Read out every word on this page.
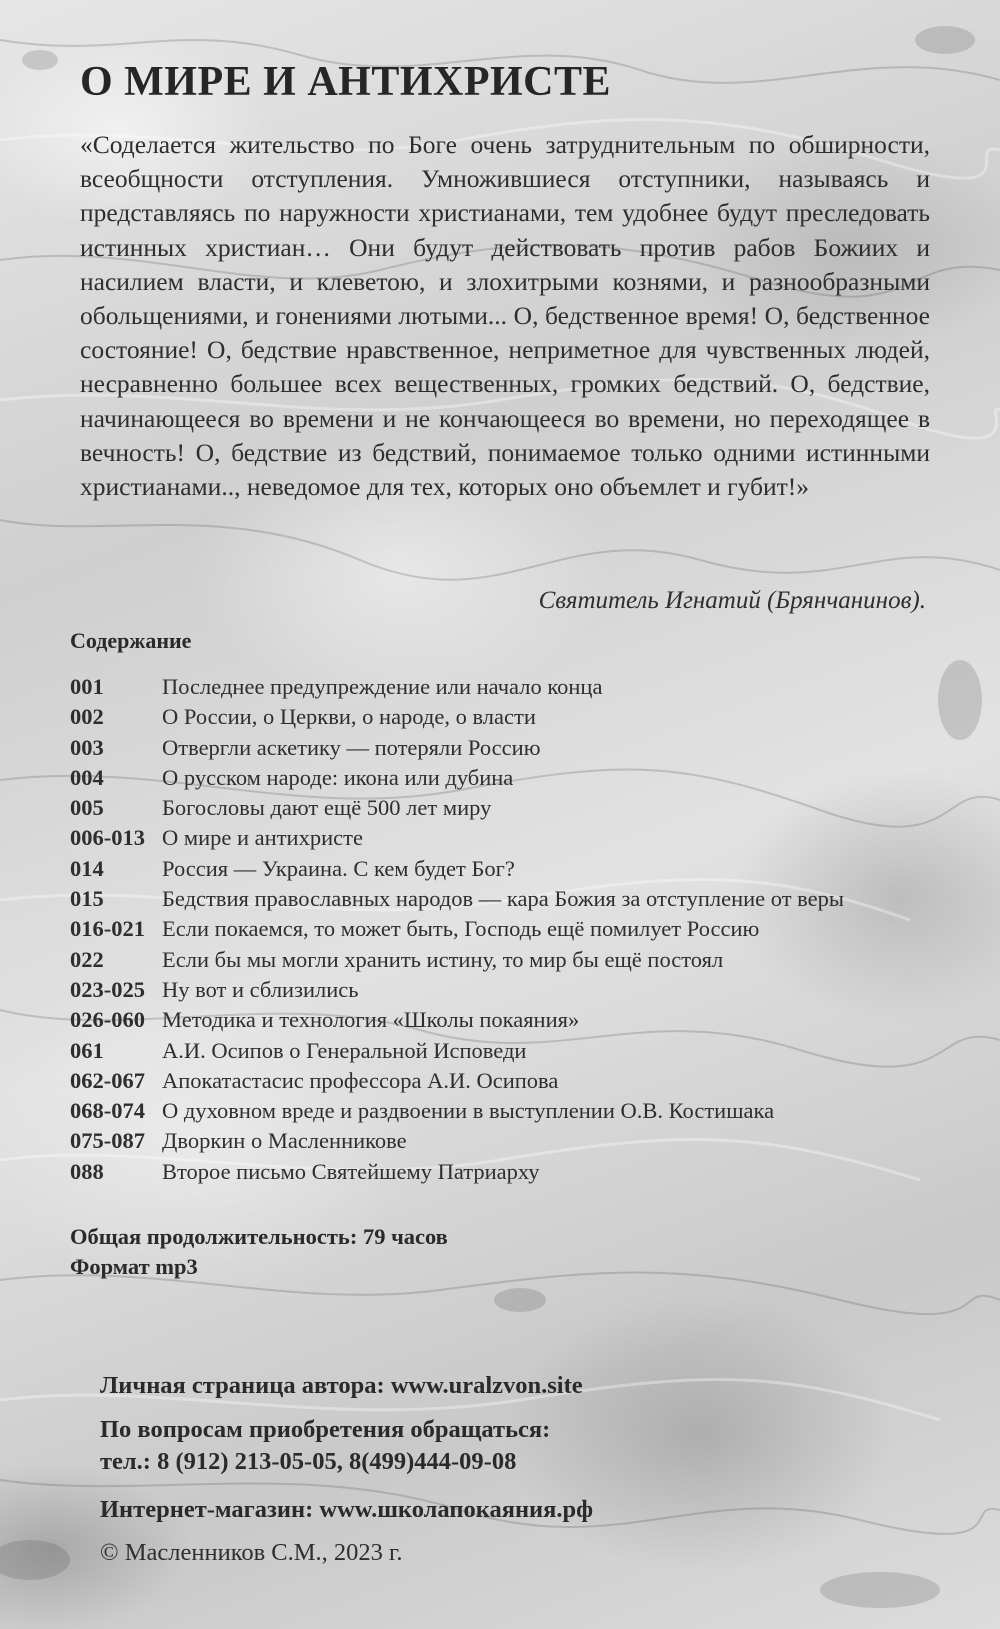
О МИРЕ И АНТИХРИСТЕ
«Соделается жительство по Боге очень затруднительным по обширности, всеобщности отступления. Умножившиеся отступники, называясь и представляясь по наружности христианами, тем удобнее будут преследовать истинных христиан… Они будут действовать против рабов Божиих и насилием власти, и клеветою, и злохитрыми кознями, и разнообразными обольщениями, и гонениями лютыми... О, бедственное время! О, бедственное состояние! О, бедствие нравственное, неприметное для чувственных людей, несравненно большее всех вещественных, громких бедствий. О, бедствие, начинающееся во времени и не кончающееся во времени, но переходящее в вечность! О, бедствие из бедствий, понимаемое только одними истинными христианами.., неведомое для тех, которых оно объемлет и губит!»
Святитель Игнатий (Брянчанинов).
Содержание
001	Последнее предупреждение или начало конца
002	О России, о Церкви, о народе, о власти
003	Отвергли аскетику — потеряли Россию
004	О русском народе: икона или дубина
005	Богословы дают ещё 500 лет миру
006-013 О мире и антихристе
014	Россия — Украина. С кем будет Бог?
015	Бедствия православных народов — кара Божия за отступление от веры
016-021 Если покаемся, то может быть, Господь ещё помилует Россию
022	Если бы мы могли хранить истину, то мир бы ещё постоял
023-025 Ну вот и сблизились
026-060 Методика и технология «Школы покаяния»
061	А.И. Осипов о Генеральной Исповеди
062-067 Апокатастасис профессора А.И. Осипова
068-074 О духовном вреде и раздвоении в выступлении О.В. Костишака
075-087 Дворкин о Масленникове
088	Второе письмо Святейшему Патриарху
Общая продолжительность: 79 часов
Формат mp3
Личная страница автора: www.uralzvon.site
По вопросам приобретения обращаться:
тел.: 8 (912) 213-05-05, 8(499)444-09-08
Интернет-магазин: www.школапокаяния.рф
© Масленников С.М., 2023 г.
